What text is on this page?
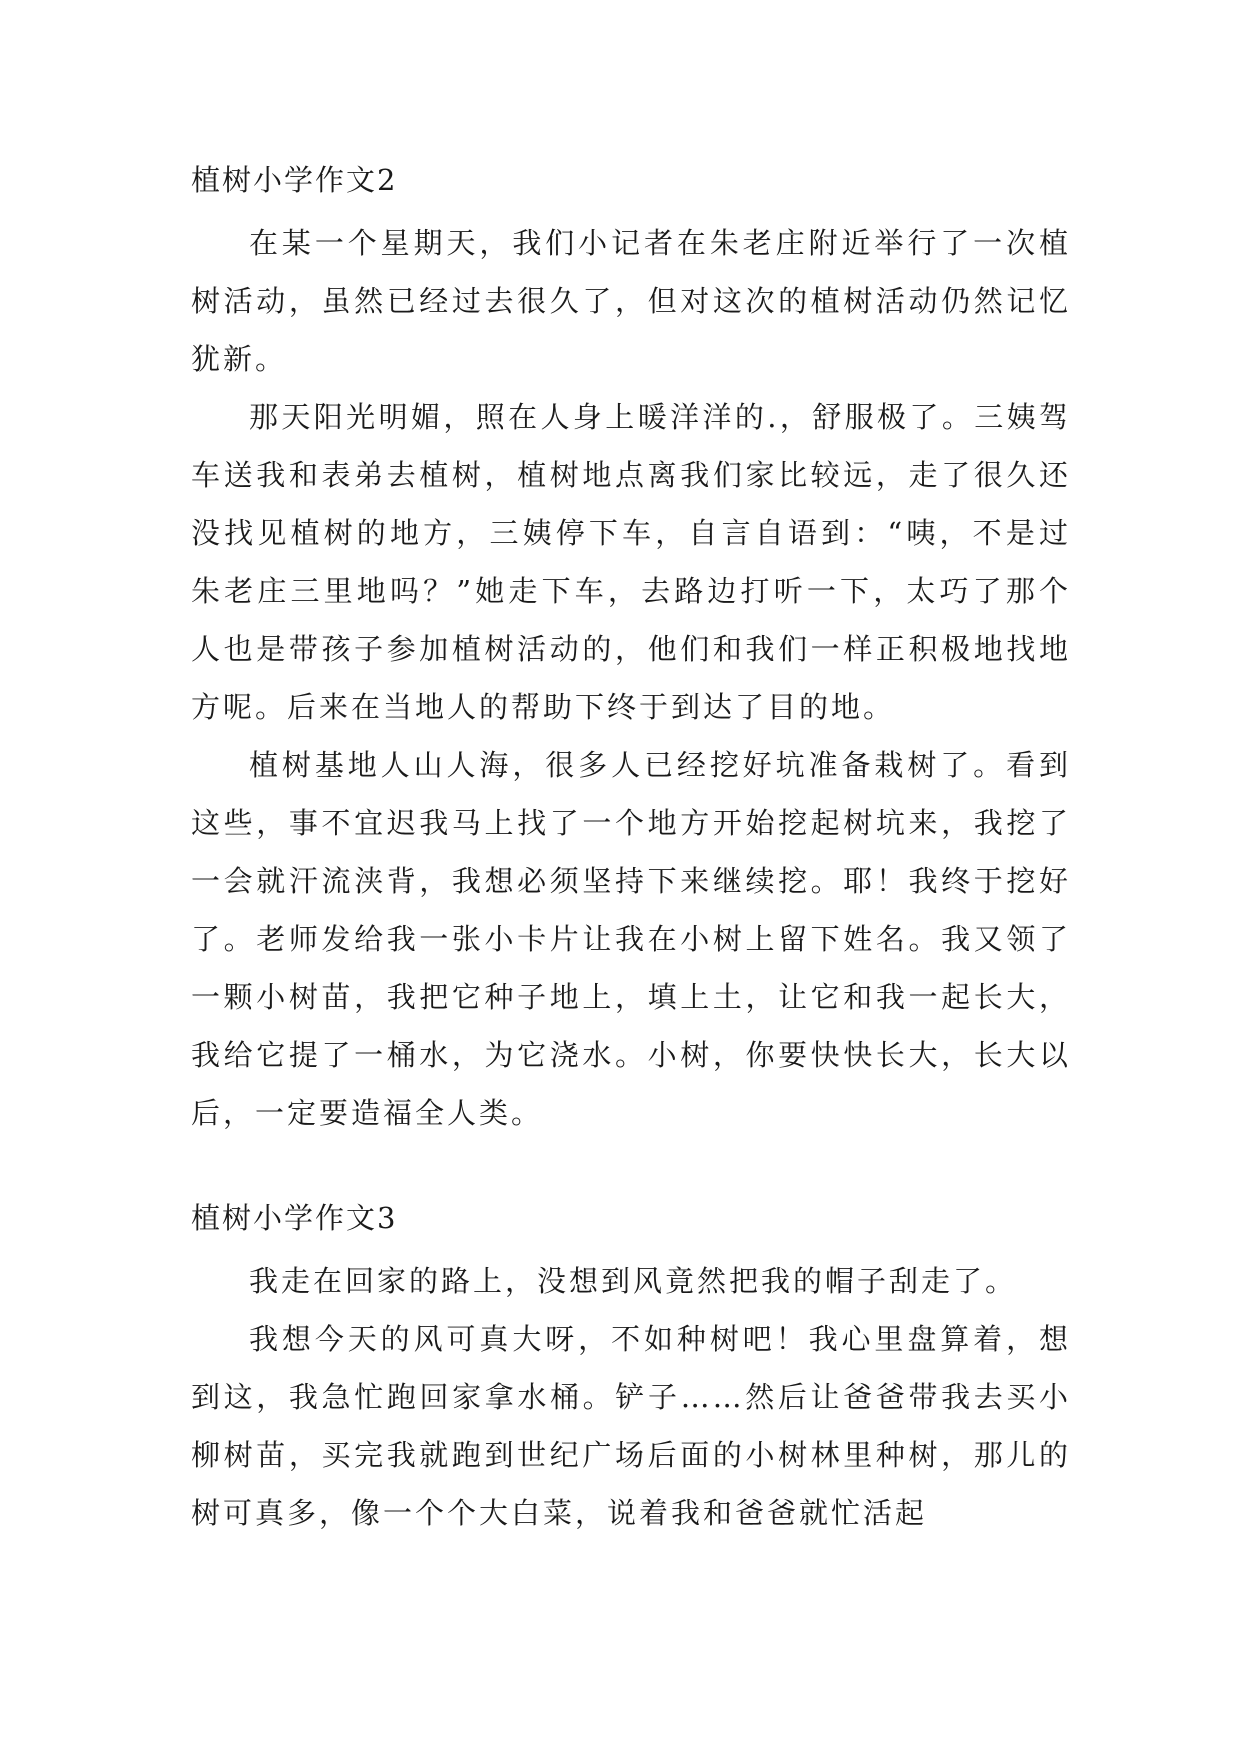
植树小学作文2

在某一个星期天，我们小记者在朱老庄附近举行了一次植树活动，虽然已经过去很久了，但对这次的植树活动仍然记忆犹新。

那天阳光明媚，照在人身上暖洋洋的.，舒服极了。三姨驾车送我和表弟去植树，植树地点离我们家比较远，走了很久还没找见植树的地方，三姨停下车，自言自语到：“咦，不是过朱老庄三里地吗？”她走下车，去路边打听一下，太巧了那个人也是带孩子参加植树活动的，他们和我们一样正积极地找地方呢。后来在当地人的帮助下终于到达了目的地。

植树基地人山人海，很多人已经挖好坑准备栽树了。看到这些，事不宜迟我马上找了一个地方开始挖起树坑来，我挖了一会就汗流浃背，我想必须坚持下来继续挖。耶！我终于挖好了。老师发给我一张小卡片让我在小树上留下姓名。我又领了一颗小树苗，我把它种子地上，填上土，让它和我一起长大，我给它提了一桶水，为它浇水。小树，你要快快长大，长大以后，一定要造福全人类。

植树小学作文3

我走在回家的路上，没想到风竟然把我的帽子刮走了。

我想今天的风可真大呀，不如种树吧！我心里盘算着，想到这，我急忙跑回家拿水桶。铲子……然后让爸爸带我去买小柳树苗，买完我就跑到世纪广场后面的小树林里种树，那儿的树可真多，像一个个大白菜，说着我和爸爸就忙活起
